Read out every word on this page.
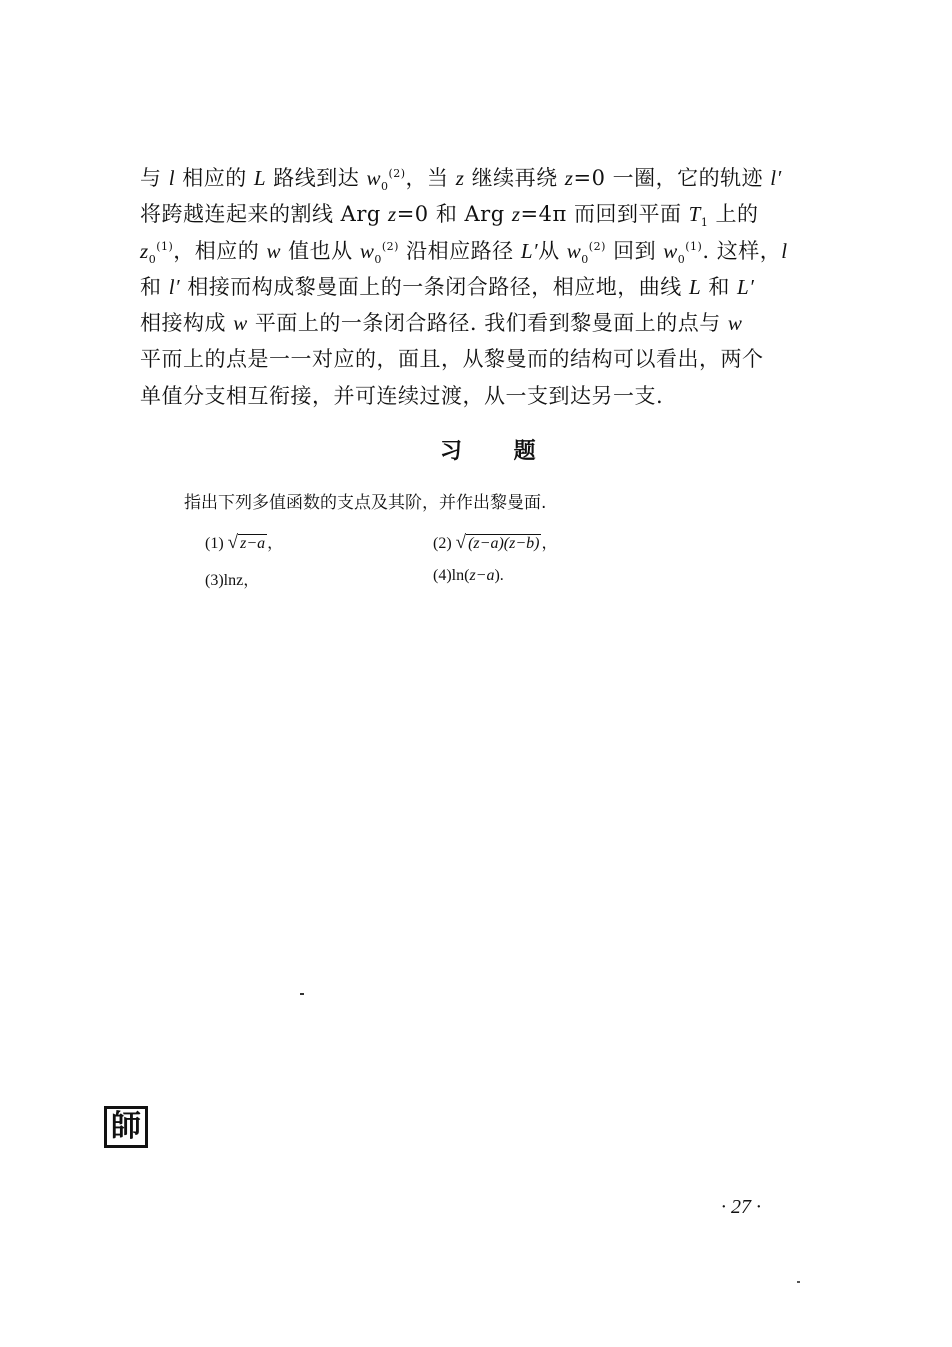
与 l 相应的 L 路线到达 $w_0^{(2)}$，当 z 继续再绕 z=0 一圈，它的轨迹 l′
将跨越连起来的割线 Arg z=0 和 Arg z=4π 而回到平面 $T_1$ 上的
$z_0^{(1)}$，相应的 w 值也从 $w_0^{(2)}$ 沿相应路径 L′从 $w_0^{(2)}$ 回到 $w_0^{(1)}$. 这样，l
和 l′ 相接而构成黎曼面上的一条闭合路径，相应地，曲线 L 和 L′
相接构成 w 平面上的一条闭合路径. 我们看到黎曼面上的点与 w
平而上的点是一一对应的，面且，从黎曼而的结构可以看出，两个
单值分支相互衔接，并可连续过渡，从一支到达另一支.
习 题
指出下列多值函数的支点及其阶，并作出黎曼面.
(1) √ z−a ，	(2) √ (z−a)(z−b) ，
(3)lnz，	(4)ln(z−a).
師
· 27 ·
